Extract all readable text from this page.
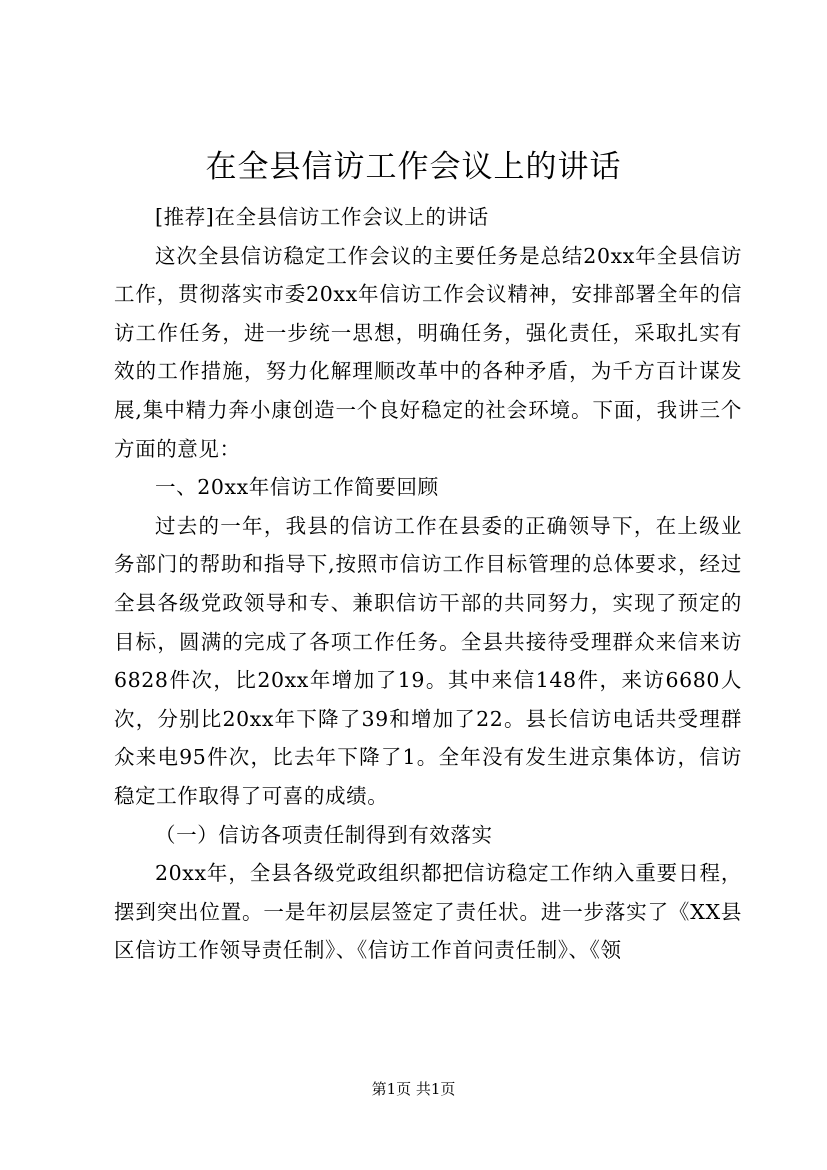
在全县信访工作会议上的讲话

[推荐]在全县信访工作会议上的讲话

这次全县信访稳定工作会议的主要任务是总结20xx年全县信访工作，贯彻落实市委20xx年信访工作会议精神，安排部署全年的信访工作任务，进一步统一思想，明确任务，强化责任，采取扎实有效的工作措施，努力化解理顺改革中的各种矛盾，为千方百计谋发展,集中精力奔小康创造一个良好稳定的社会环境。下面，我讲三个方面的意见：

一、20xx年信访工作简要回顾

过去的一年，我县的信访工作在县委的正确领导下，在上级业务部门的帮助和指导下,按照市信访工作目标管理的总体要求，经过全县各级党政领导和专、兼职信访干部的共同努力，实现了预定的目标，圆满的完成了各项工作任务。全县共接待受理群众来信来访6828件次，比20xx年增加了19。其中来信148件，来访6680人次，分别比20xx年下降了39和增加了22。县长信访电话共受理群众来电95件次，比去年下降了1。全年没有发生进京集体访，信访稳定工作取得了可喜的成绩。

（一）信访各项责任制得到有效落实

20xx年，全县各级党政组织都把信访稳定工作纳入重要日程，摆到突出位置。一是年初层层签定了责任状。进一步落实了《XX县区信访工作领导责任制》、《信访工作首问责任制》、《领

第1页 共1页
